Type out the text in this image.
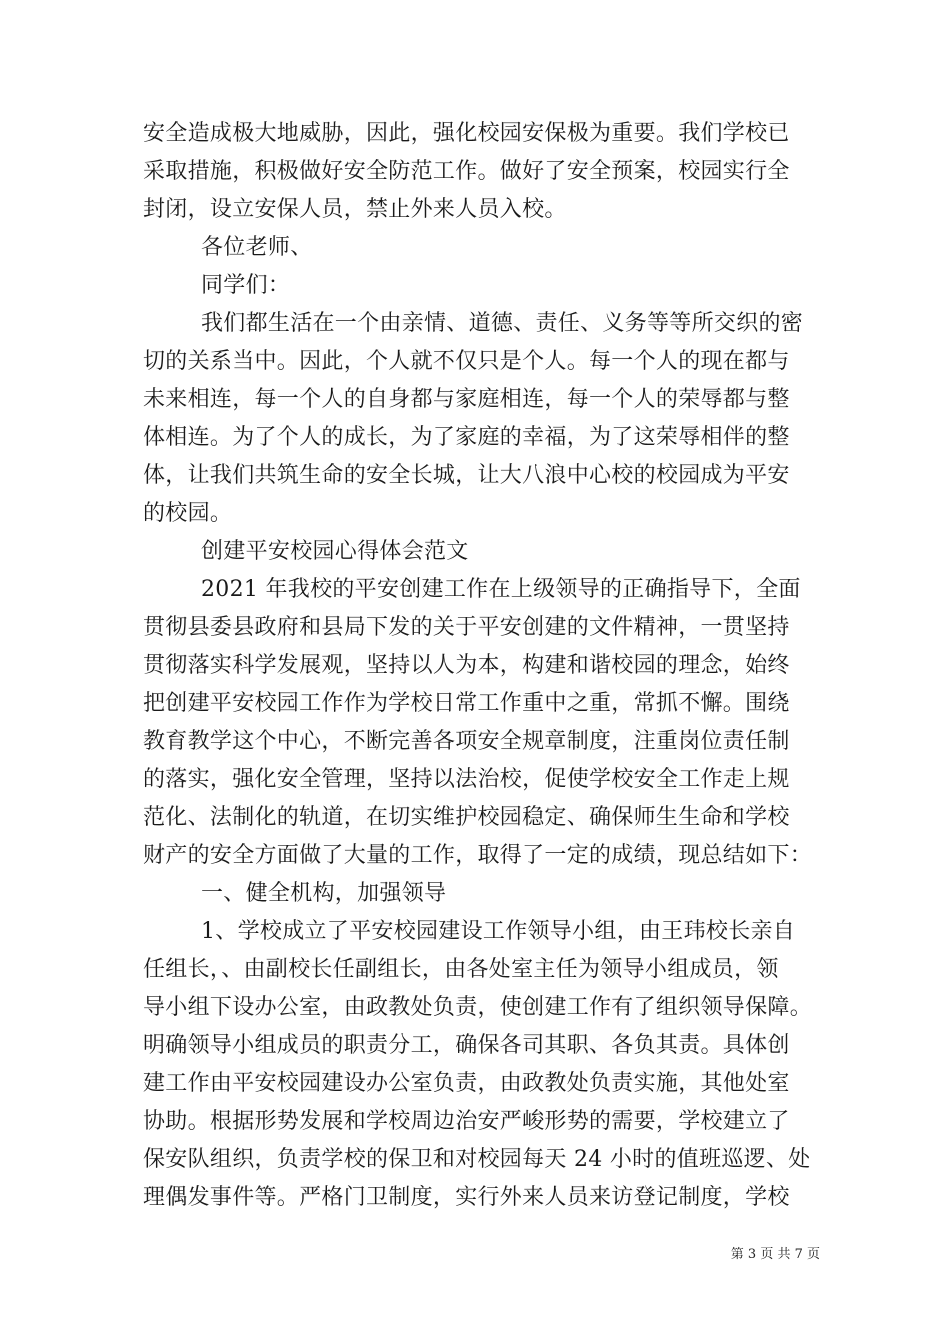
安全造成极大地威胁，因此，强化校园安保极为重要。我们学校已
采取措施，积极做好安全防范工作。做好了安全预案，校园实行全
封闭，设立安保人员，禁止外来人员入校。
各位老师、
同学们：
我们都生活在一个由亲情、道德、责任、义务等等所交织的密
切的关系当中。因此，个人就不仅只是个人。每一个人的现在都与
未来相连，每一个人的自身都与家庭相连，每一个人的荣辱都与整
体相连。为了个人的成长，为了家庭的幸福，为了这荣辱相伴的整
体，让我们共筑生命的安全长城，让大八浪中心校的校园成为平安
的校园。
创建平安校园心得体会范文
2021 年我校的平安创建工作在上级领导的正确指导下，全面
贯彻县委县政府和县局下发的关于平安创建的文件精神，一贯坚持
贯彻落实科学发展观，坚持以人为本，构建和谐校园的理念，始终
把创建平安校园工作作为学校日常工作重中之重，常抓不懈。围绕
教育教学这个中心，不断完善各项安全规章制度，注重岗位责任制
的落实，强化安全管理，坚持以法治校，促使学校安全工作走上规
范化、法制化的轨道，在切实维护校园稳定、确保师生生命和学校
财产的安全方面做了大量的工作，取得了一定的成绩，现总结如下：
一、健全机构，加强领导
1、学校成立了平安校园建设工作领导小组，由王玮校长亲自
任组长，、由副校长任副组长，由各处室主任为领导小组成员，领
导小组下设办公室，由政教处负责，使创建工作有了组织领导保障。
明确领导小组成员的职责分工，确保各司其职、各负其责。具体创
建工作由平安校园建设办公室负责，由政教处负责实施，其他处室
协助。根据形势发展和学校周边治安严峻形势的需要，学校建立了
保安队组织，负责学校的保卫和对校园每天 24 小时的值班巡逻、处
理偶发事件等。严格门卫制度，实行外来人员来访登记制度，学校
第 3 页 共 7 页
